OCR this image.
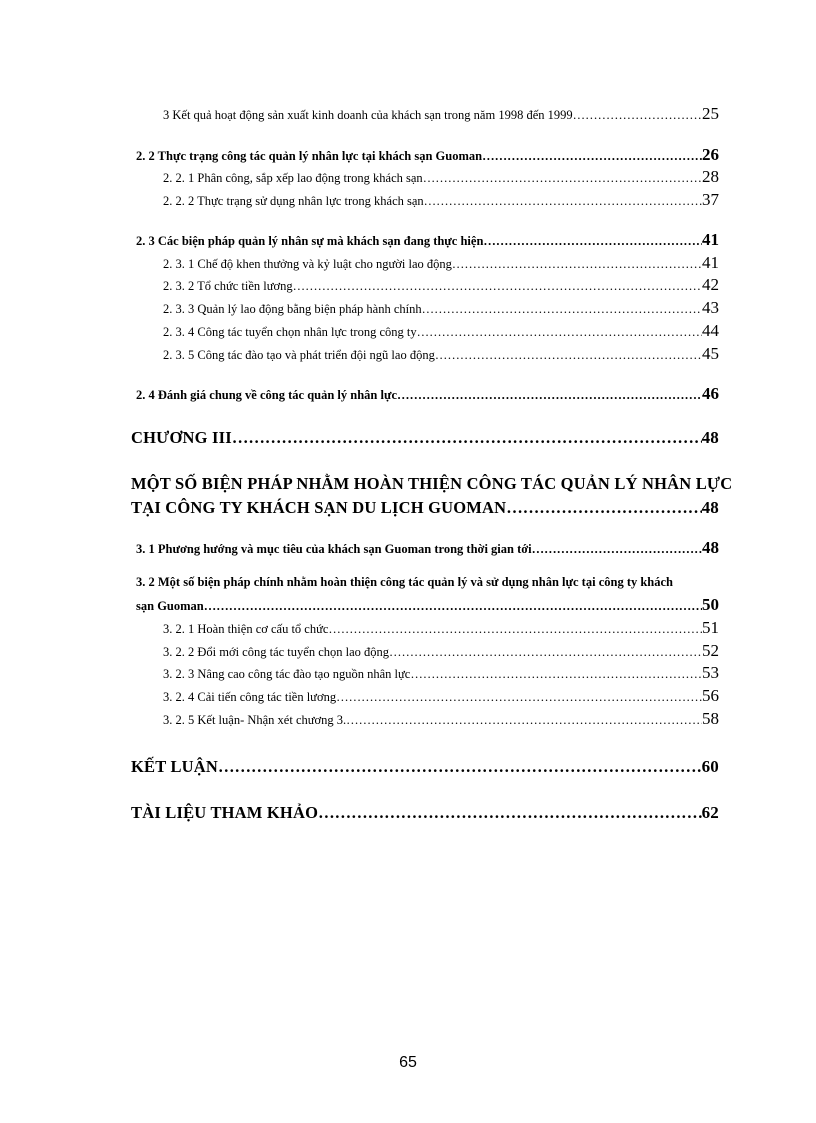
3 Kết quả hoạt động sản xuất kinh doanh của khách sạn trong năm 1998 đến 1999 ……………………………………………………………………………………………………………………………………………………………………………………………………	25
2. 2 Thực trạng công tác quản lý nhân lực tại khách sạn Guoman ……………………………………………………………………………………………………………………………………………………………………………………………………	26
2. 2. 1 Phân công, sắp xếp lao động trong khách sạn ……………………………………………………………………………………………………………………………………………………………………………………………………	28
2. 2. 2 Thực trạng sử dụng nhân lực trong khách sạn ……………………………………………………………………………………………………………………………………………………………………………………………………	37
2. 3 Các biện pháp quản lý nhân sự mà khách sạn đang thực hiện ……………………………………………………………………………………………………………………………………………………………………………………………………	41
2. 3. 1 Chế độ khen thưởng và kỷ luật cho người lao động ……………………………………………………………………………………………………………………………………………………………………………………………………	41
2. 3. 2 Tổ chức tiền lương ……………………………………………………………………………………………………………………………………………………………………………………………………	42
2. 3. 3 Quản lý lao động bằng biện pháp hành chính ……………………………………………………………………………………………………………………………………………………………………………………………………	43
2. 3. 4 Công tác tuyển chọn nhân lực trong công ty ……………………………………………………………………………………………………………………………………………………………………………………………………	44
2. 3. 5 Công tác đào tạo và phát triển đội ngũ lao động ……………………………………………………………………………………………………………………………………………………………………………………………………	45
2. 4 Đánh giá chung về công tác quản lý nhân lực ……………………………………………………………………………………………………………………………………………………………………………………………………	46
CHƯƠNG III ……………………………………………………………………………………………………………………………………………………………………………………………………	48
MỘT SỐ BIỆN PHÁP NHẰM HOÀN THIỆN CÔNG TÁC QUẢN LÝ NHÂN LỰC
TẠI CÔNG TY KHÁCH SẠN DU LỊCH GUOMAN ……………………………………………………………………………………………………………………………………………………………………………………………………	48
3. 1 Phương hướng và mục tiêu của khách sạn Guoman trong thời gian tới ……………………………………………………………………………………………………………………………………………………………………………………………………	48
3. 2 Một số biện pháp chính nhằm hoàn thiện công tác quản lý và sử dụng nhân lực tại công ty khách
sạn Guoman ……………………………………………………………………………………………………………………………………………………………………………………………………	50
3. 2. 1 Hoàn thiện cơ cấu tổ chức ……………………………………………………………………………………………………………………………………………………………………………………………………	51
3. 2. 2 Đổi mới công tác tuyển chọn lao động ……………………………………………………………………………………………………………………………………………………………………………………………………	52
3. 2. 3 Nâng cao công tác đào tạo nguồn nhân lực ……………………………………………………………………………………………………………………………………………………………………………………………………	53
3. 2. 4 Cải tiến công tác tiền lương ……………………………………………………………………………………………………………………………………………………………………………………………………	56
3. 2. 5 Kết luận- Nhận xét chương 3. ……………………………………………………………………………………………………………………………………………………………………………………………………	58
KẾT LUẬN ……………………………………………………………………………………………………………………………………………………………………………………………………	60
TÀI LIỆU THAM KHẢO ……………………………………………………………………………………………………………………………………………………………………………………………………	62
65
